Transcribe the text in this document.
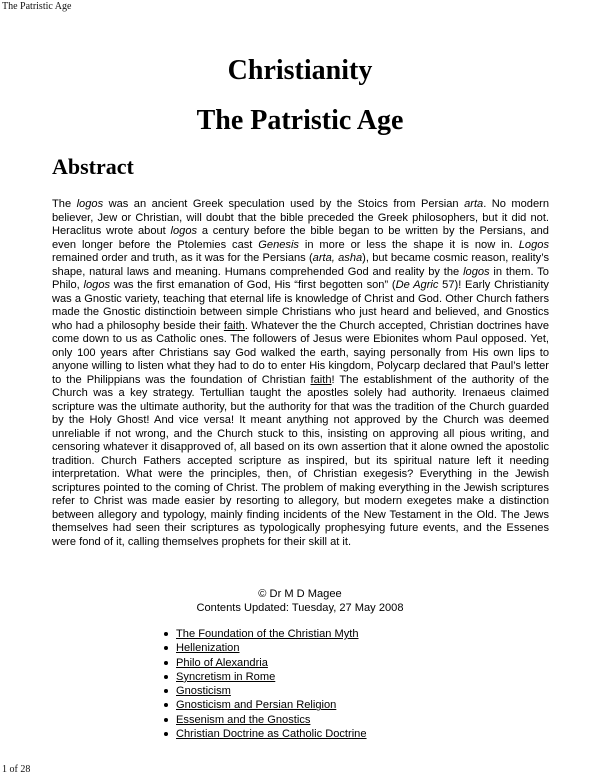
The Patristic Age
Christianity
The Patristic Age
Abstract

The logos was an ancient Greek speculation used by the Stoics from Persian arta. No modern believer, Jew or Christian, will doubt that the bible preceded the Greek philosophers, but it did not. Heraclitus wrote about logos a century before the bible began to be written by the Persians, and even longer before the Ptolemies cast Genesis in more or less the shape it is now in. Logos remained order and truth, as it was for the Persians (arta, asha), but became cosmic reason, reality’s shape, natural laws and meaning. Humans comprehended God and reality by the logos in them. To Philo, logos was the first emanation of God, His “first begotten son” (De Agric 57)! Early Christianity was a Gnostic variety, teaching that eternal life is knowledge of Christ and God. Other Church fathers made the Gnostic distinctioin between simple Christians who just heard and believed, and Gnostics who had a philosophy beside their faith. Whatever the the Church accepted, Christian doctrines have come down to us as Catholic ones. The followers of Jesus were Ebionites whom Paul opposed. Yet, only 100 years after Christians say God walked the earth, saying personally from His own lips to anyone willing to listen what they had to do to enter His kingdom, Polycarp declared that Paul’s letter to the Philippians was the foundation of Christian faith! The establishment of the authority of the Church was a key strategy. Tertullian taught the apostles solely had authority. Irenaeus claimed scripture was the ultimate authority, but the authority for that was the tradition of the Church guarded by the Holy Ghost! And vice versa! It meant anything not approved by the Church was deemed unreliable if not wrong, and the Church stuck to this, insisting on approving all pious writing, and censoring whatever it disapproved of, all based on its own assertion that it alone owned the apostolic tradition. Church Fathers accepted scripture as inspired, but its spiritual nature left it needing interpretation. What were the principles, then, of Christian exegesis? Everything in the Jewish scriptures pointed to the coming of Christ. The problem of making everything in the Jewish scriptures refer to Christ was made easier by resorting to allegory, but modern exegetes make a distinction between allegory and typology, mainly finding incidents of the New Testament in the Old. The Jews themselves had seen their scriptures as typologically prophesying future events, and the Essenes were fond of it, calling themselves prophets for their skill at it.

© Dr M D Magee
Contents Updated: Tuesday, 27 May 2008
The Foundation of the Christian Myth
Hellenization
Philo of Alexandria
Syncretism in Rome
Gnosticism
Gnosticism and Persian Religion
Essenism and the Gnostics
Christian Doctrine as Catholic Doctrine
1 of 28
